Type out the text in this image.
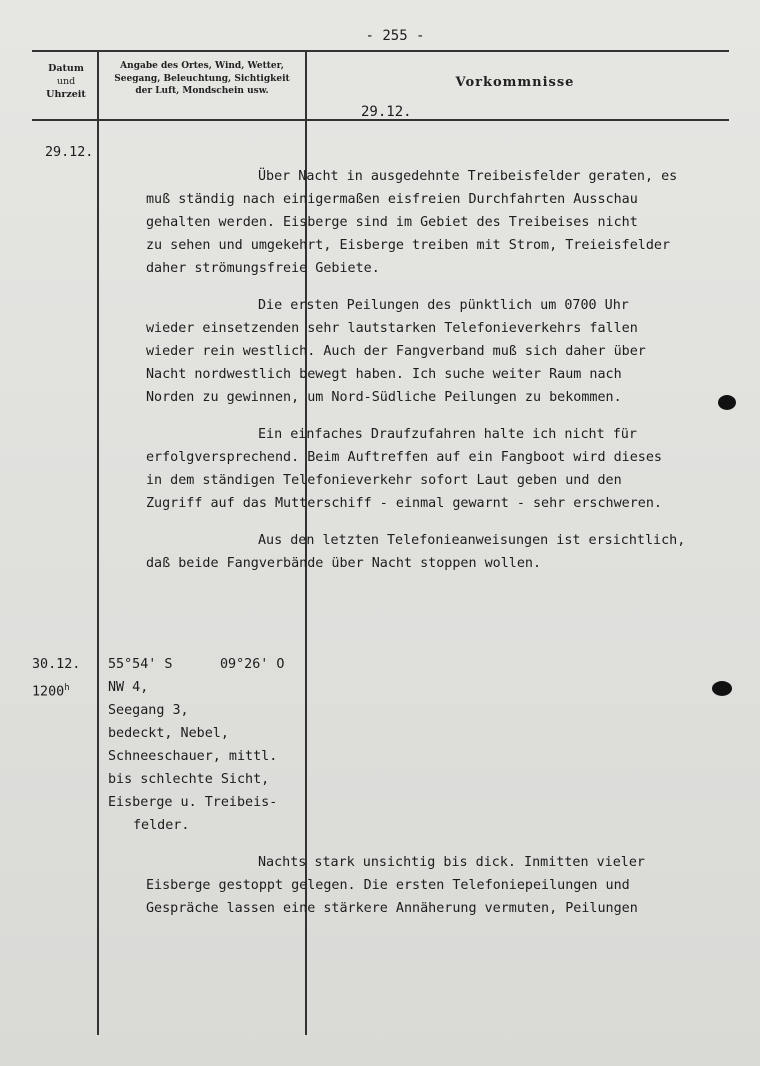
- 255 -
Datum
und
Uhrzeit
Angabe des Ortes, Wind, Wetter,
Seegang, Beleuchtung, Sichtigkeit
der Luft, Mondschein usw.
Vorkommnisse
29.12.
29.12.
Über Nacht in ausgedehnte Treibeisfelder geraten, es
muß ständig nach einigermaßen eisfreien Durchfahrten Ausschau
gehalten werden. Eisberge sind im Gebiet des Treibeises nicht
zu sehen und umgekehrt, Eisberge treiben mit Strom, Treieisfelder
daher strömungsfreie Gebiete.
Die ersten Peilungen des pünktlich um 0700 Uhr
wieder einsetzenden sehr lautstarken Telefonieverkehrs fallen
wieder rein westlich. Auch der Fangverband muß sich daher über
Nacht nordwestlich bewegt haben. Ich suche weiter Raum nach
Norden zu gewinnen, um Nord-Südliche Peilungen zu bekommen.
Ein einfaches Draufzufahren halte ich nicht für
erfolgversprechend. Beim Auftreffen auf ein Fangboot wird dieses
in dem ständigen Telefonieverkehr sofort Laut geben und den
Zugriff auf das Mutterschiff - einmal gewarnt - sehr erschweren.
Aus den letzten Telefonieanweisungen ist ersichtlich,
daß beide Fangverbände über Nacht stoppen wollen.
30.12.
1200$^h$
55°54' S	09°26' O
NW 4,
Seegang 3,
bedeckt, Nebel,
Schneeschauer, mittl.
bis schlechte Sicht,
Eisberge u. Treibeis-
felder.
Nachts stark unsichtig bis dick. Inmitten vieler
Eisberge gestoppt gelegen. Die ersten Telefoniepeilungen und
Gespräche lassen eine stärkere Annäherung vermuten, Peilungen
